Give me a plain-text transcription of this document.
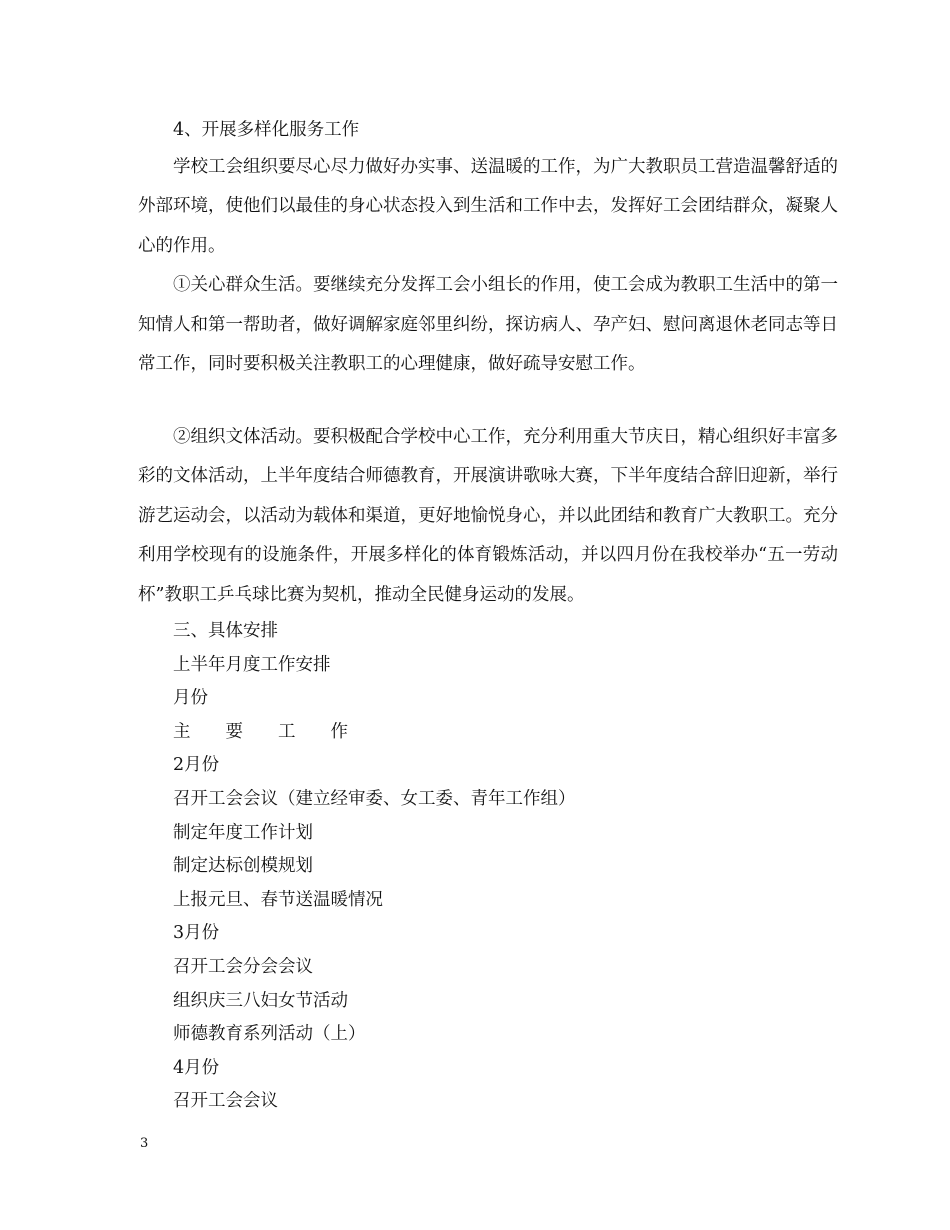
4、开展多样化服务工作

学校工会组织要尽心尽力做好办实事、送温暖的工作，为广大教职员工营造温馨舒适的外部环境，使他们以最佳的身心状态投入到生活和工作中去，发挥好工会团结群众，凝聚人心的作用。

①关心群众生活。要继续充分发挥工会小组长的作用，使工会成为教职工生活中的第一知情人和第一帮助者，做好调解家庭邻里纠纷，探访病人、孕产妇、慰问离退休老同志等日常工作，同时要积极关注教职工的心理健康，做好疏导安慰工作。

②组织文体活动。要积极配合学校中心工作，充分利用重大节庆日，精心组织好丰富多彩的文体活动，上半年度结合师德教育，开展演讲歌咏大赛，下半年度结合辞旧迎新，举行游艺运动会，以活动为载体和渠道，更好地愉悦身心，并以此团结和教育广大教职工。充分利用学校现有的设施条件，开展多样化的体育锻炼活动，并以四月份在我校举办“五一劳动杯”教职工乒乓球比赛为契机，推动全民健身运动的发展。

三、具体安排

上半年月度工作安排

月份

主　　要　　工　　作

2月份

召开工会会议（建立经审委、女工委、青年工作组）

制定年度工作计划

制定达标创模规划

上报元旦、春节送温暖情况

3月份

召开工会分会会议

组织庆三八妇女节活动

师德教育系列活动（上）

4月份

召开工会会议

3
